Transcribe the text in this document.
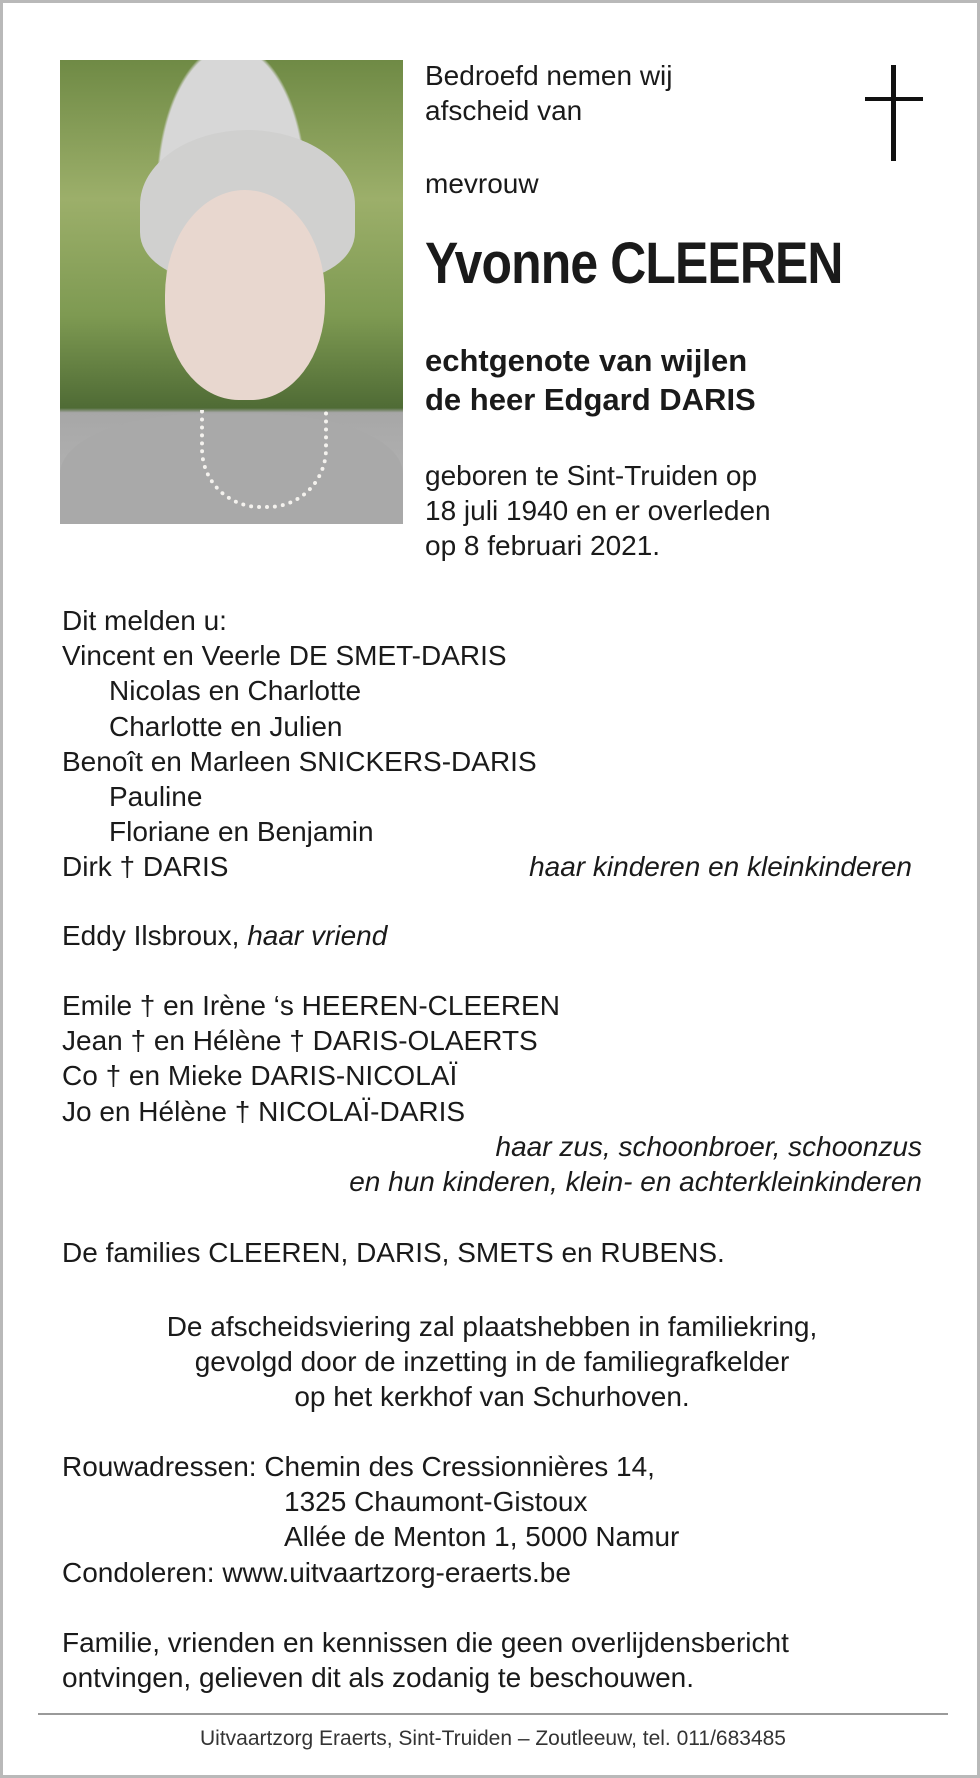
Bedroefd nemen wij
afscheid van
mevrouw
Yvonne CLEEREN
echtgenote van wijlen
de heer Edgard DARIS
geboren te Sint-Truiden op
18 juli 1940 en er overleden
op 8 februari 2021.
Dit melden u:
Vincent en Veerle DE SMET-DARIS
Nicolas en Charlotte
Charlotte en Julien
Benoît en Marleen SNICKERS-DARIS
Pauline
Floriane en Benjamin
Dirk † DARIS	haar kinderen en kleinkinderen
Eddy Ilsbroux, haar vriend
Emile † en Irène ‘s HEEREN-CLEEREN
Jean † en Hélène † DARIS-OLAERTS
Co † en Mieke DARIS-NICOLAÏ
Jo en Hélène † NICOLAÏ-DARIS
haar zus, schoonbroer, schoonzus
en hun kinderen, klein- en achterkleinkinderen
De families CLEEREN, DARIS, SMETS en RUBENS.
De afscheidsviering zal plaatshebben in familiekring,
gevolgd door de inzetting in de familiegrafkelder
op het kerkhof van Schurhoven.
Rouwadressen: Chemin des Cressionnières 14,
1325 Chaumont-Gistoux
Allée de Menton 1, 5000 Namur
Condoleren: www.uitvaartzorg-eraerts.be
Familie, vrienden en kennissen die geen overlijdensbericht
ontvingen, gelieven dit als zodanig te beschouwen.
Uitvaartzorg Eraerts, Sint-Truiden – Zoutleeuw, tel. 011/683485
